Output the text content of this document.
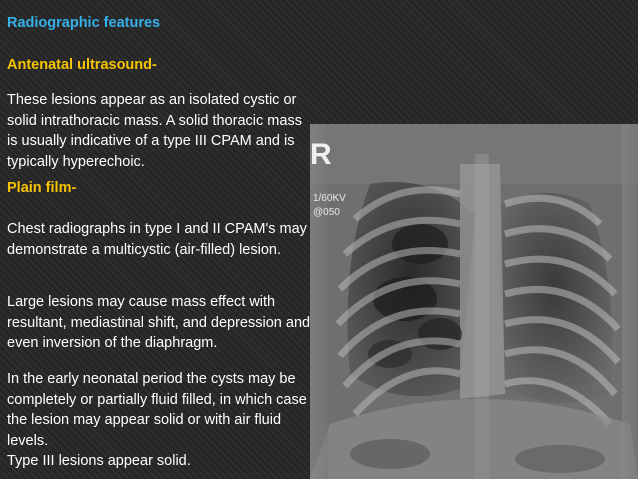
R
1/60KV
@050
Radiographic features
Antenatal ultrasound-
These lesions appear as an isolated cystic or solid intrathoracic mass. A solid thoracic mass is usually indicative of a type III CPAM and is typically hyperechoic.
Plain film-
Chest radiographs in type I and II CPAM's may demonstrate a multicystic (air-filled) lesion.
Large lesions may cause mass effect with resultant, mediastinal shift, and depression and even inversion of the diaphragm.
In the early neonatal period the cysts may be completely or partially fluid filled, in which case the lesion may appear solid or with air fluid levels.
Type III lesions appear solid.
